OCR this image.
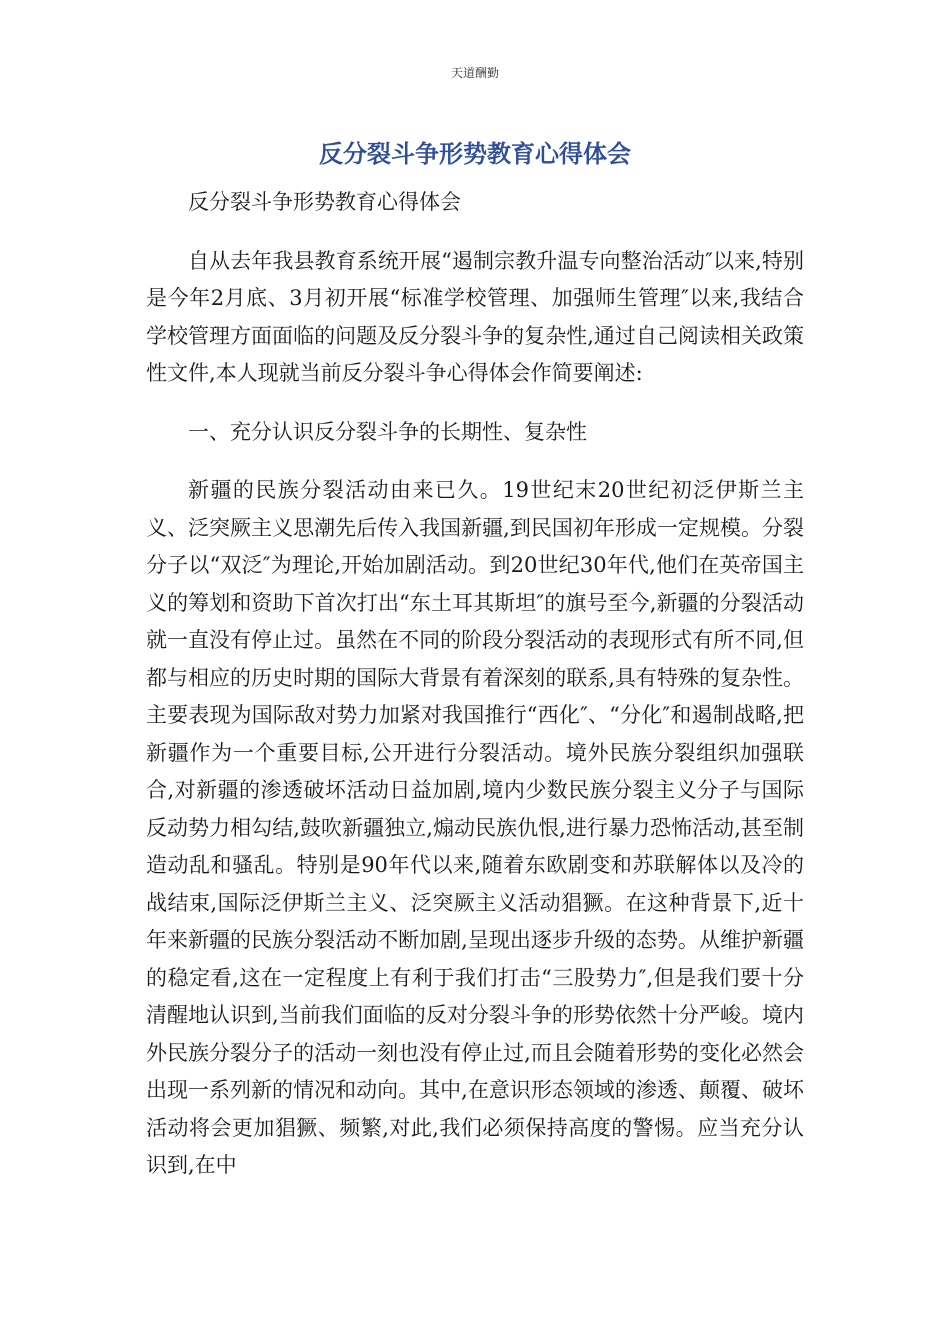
天道酬勤
反分裂斗争形势教育心得体会

反分裂斗争形势教育心得体会

自从去年我县教育系统开展“遏制宗教升温专向整治活动″以来,特别是今年2月底、3月初开展“标准学校管理、加强师生管理″以来,我结合学校管理方面面临的问题及反分裂斗争的复杂性,通过自己阅读相关政策性文件,本人现就当前反分裂斗争心得体会作简要阐述:

一、充分认识反分裂斗争的长期性、复杂性

新疆的民族分裂活动由来已久。19世纪末20世纪初泛伊斯兰主义、泛突厥主义思潮先后传入我国新疆,到民国初年形成一定规模。分裂分子以“双泛″为理论,开始加剧活动。到20世纪30年代,他们在英帝国主义的筹划和资助下首次打出“东土耳其斯坦″的旗号至今,新疆的分裂活动就一直没有停止过。虽然在不同的阶段分裂活动的表现形式有所不同,但都与相应的历史时期的国际大背景有着深刻的联系,具有特殊的复杂性。主要表现为国际敌对势力加紧对我国推行“西化″、“分化″和遏制战略,把新疆作为一个重要目标,公开进行分裂活动。境外民族分裂组织加强联合,对新疆的渗透破坏活动日益加剧,境内少数民族分裂主义分子与国际反动势力相勾结,鼓吹新疆独立,煽动民族仇恨,进行暴力恐怖活动,甚至制造动乱和骚乱。特别是90年代以来,随着东欧剧变和苏联解体以及冷的战结束,国际泛伊斯兰主义、泛突厥主义活动猖獗。在这种背景下,近十年来新疆的民族分裂活动不断加剧,呈现出逐步升级的态势。从维护新疆的稳定看,这在一定程度上有利于我们打击“三股势力″,但是我们要十分清醒地认识到,当前我们面临的反对分裂斗争的形势依然十分严峻。境内外民族分裂分子的活动一刻也没有停止过,而且会随着形势的变化必然会出现一系列新的情况和动向。其中,在意识形态领域的渗透、颠覆、破坏活动将会更加猖獗、频繁,对此,我们必须保持高度的警惕。应当充分认识到,在中
